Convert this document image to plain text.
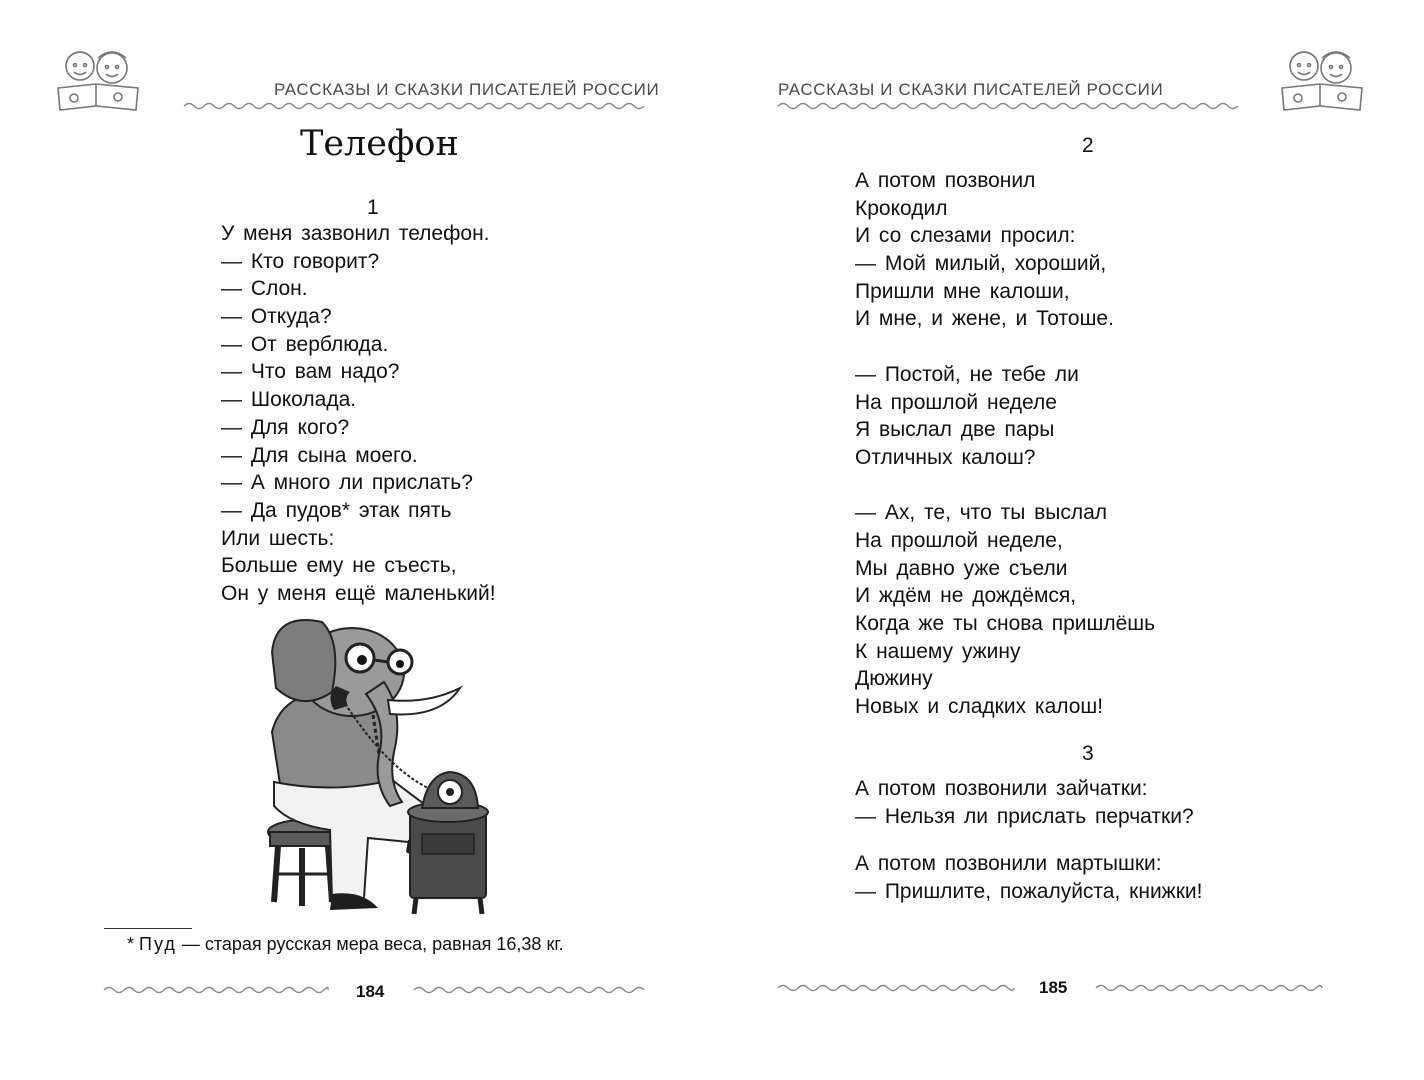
РАССКАЗЫ И СКАЗКИ ПИСАТЕЛЕЙ РОССИИ
Телефон
1
У меня зазвонил телефон.
— Кто говорит?
— Слон.
— Откуда?
— От верблюда.
— Что вам надо?
— Шоколада.
— Для кого?
— Для сына моего.
— А много ли прислать?
— Да пудов* этак пять
Или шесть:
Больше ему не съесть,
Он у меня ещё маленький!
* Пуд — старая русская мера веса, равная 16,38 кг.
184
РАССКАЗЫ И СКАЗКИ ПИСАТЕЛЕЙ РОССИИ
2
А потом позвонил
Крокодил
И со слезами просил:
— Мой милый, хороший,
Пришли мне калоши,
И мне, и жене, и Тотоше.
— Постой, не тебе ли
На прошлой неделе
Я выслал две пары
Отличных калош?
— Ах, те, что ты выслал
На прошлой неделе,
Мы давно уже съели
И ждём не дождёмся,
Когда же ты снова пришлёшь
К нашему ужину
Дюжину
Новых и сладких калош!
3
А потом позвонили зайчатки:
— Нельзя ли прислать перчатки?
А потом позвонили мартышки:
— Пришлите, пожалуйста, книжки!
185
